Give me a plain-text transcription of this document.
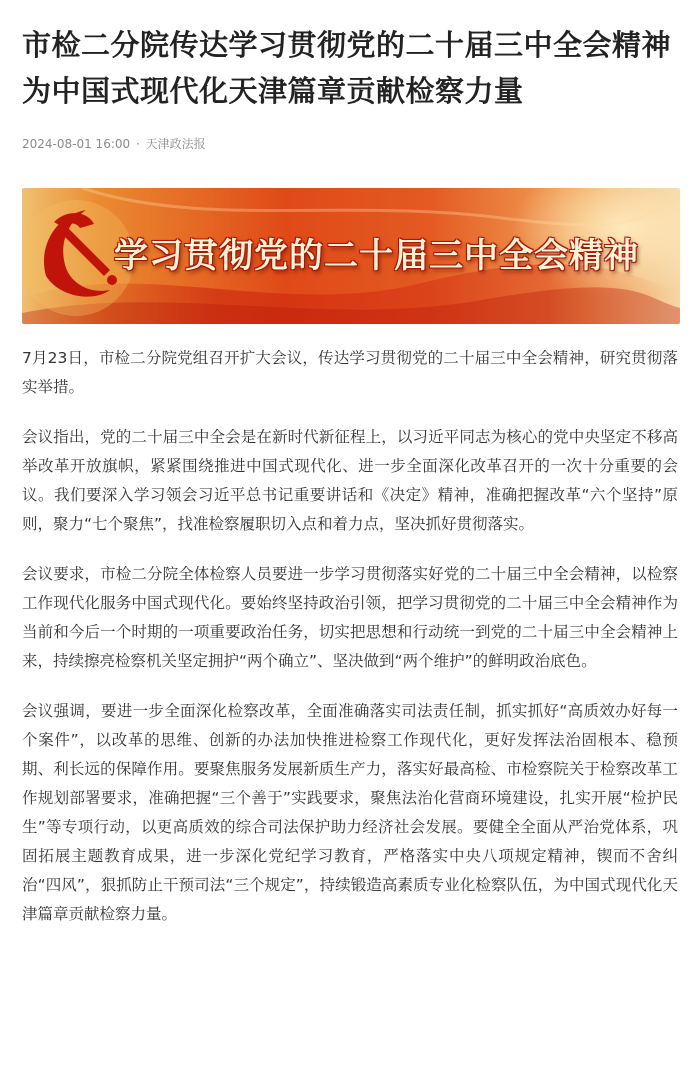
市检二分院传达学习贯彻党的二十届三中全会精神 为中国式现代化天津篇章贡献检察力量
2024-08-01 16:00 · 天津政法报
学习贯彻党的二十届三中全会精神

7月23日，市检二分院党组召开扩大会议，传达学习贯彻党的二十届三中全会精神，研究贯彻落实举措。

会议指出，党的二十届三中全会是在新时代新征程上，以习近平同志为核心的党中央坚定不移高举改革开放旗帜，紧紧围绕推进中国式现代化、进一步全面深化改革召开的一次十分重要的会议。我们要深入学习领会习近平总书记重要讲话和《决定》精神，准确把握改革“六个坚持”原则，聚力“七个聚焦”，找准检察履职切入点和着力点，坚决抓好贯彻落实。

会议要求，市检二分院全体检察人员要进一步学习贯彻落实好党的二十届三中全会精神，以检察工作现代化服务中国式现代化。要始终坚持政治引领，把学习贯彻党的二十届三中全会精神作为当前和今后一个时期的一项重要政治任务，切实把思想和行动统一到党的二十届三中全会精神上来，持续擦亮检察机关坚定拥护“两个确立”、坚决做到“两个维护”的鲜明政治底色。

会议强调，要进一步全面深化检察改革，全面准确落实司法责任制，抓实抓好“高质效办好每一个案件”，以改革的思维、创新的办法加快推进检察工作现代化，更好发挥法治固根本、稳预期、利长远的保障作用。要聚焦服务发展新质生产力，落实好最高检、市检察院关于检察改革工作规划部署要求，准确把握“三个善于”实践要求，聚焦法治化营商环境建设，扎实开展“检护民生”等专项行动，以更高质效的综合司法保护助力经济社会发展。要健全全面从严治党体系，巩固拓展主题教育成果，进一步深化党纪学习教育，严格落实中央八项规定精神，锲而不舍纠治“四风”，狠抓防止干预司法“三个规定”，持续锻造高素质专业化检察队伍，为中国式现代化天津篇章贡献检察力量。
